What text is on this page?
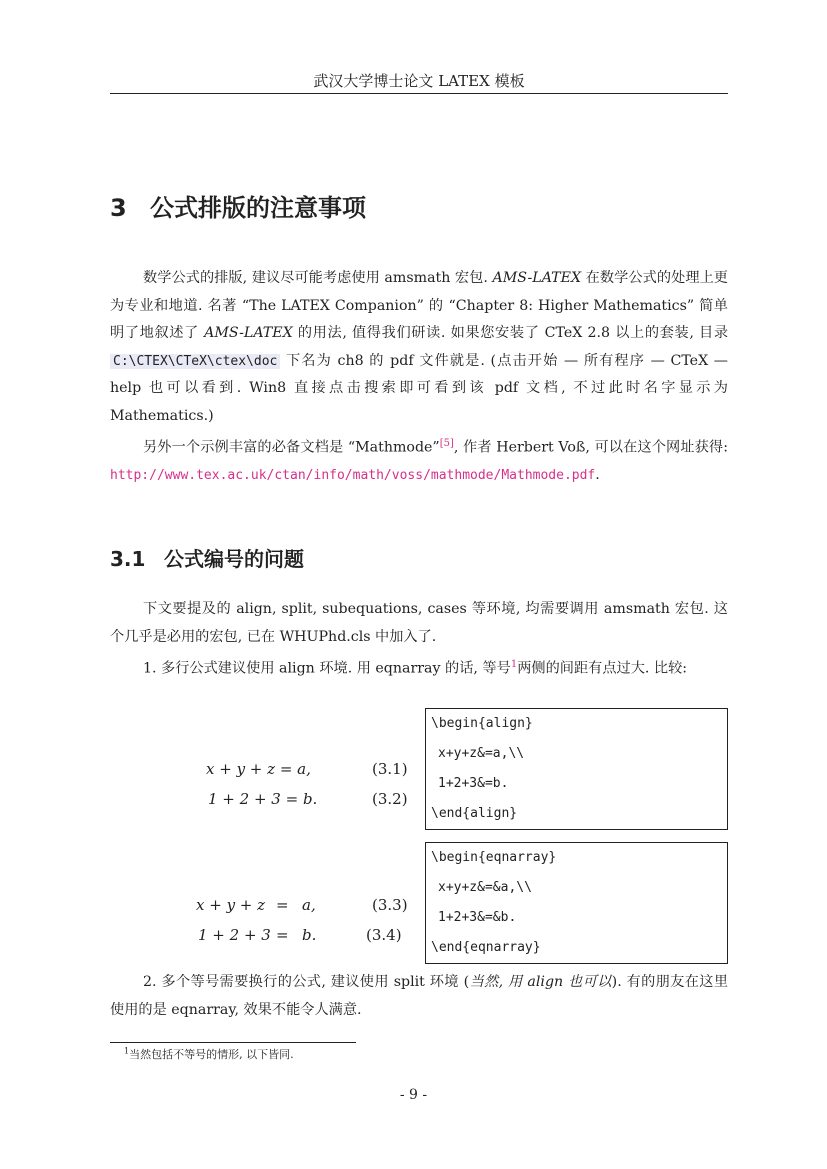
武汉大学博士论文 LATEX 模板
3 公式排版的注意事项

数学公式的排版, 建议尽可能考虑使用 amsmath 宏包. AMS-LATEX 在数学公式的处理上更为专业和地道. 名著 “The LATEX Companion” 的 “Chapter 8: Higher Mathematics” 简单明了地叙述了 AMS-LATEX 的用法, 值得我们研读. 如果您安装了 CTeX 2.8 以上的套装, 目录 C:\CTEX\CTeX\ctex\doc 下名为 ch8 的 pdf 文件就是. (点击开始 — 所有程序 — CTeX — help 也可以看到. Win8 直接点击搜索即可看到该 pdf 文档, 不过此时名字显示为 Mathematics.)

另外一个示例丰富的必备文档是 “Mathmode”[5], 作者 Herbert Voß, 可以在这个网址获得: http://www.tex.ac.uk/ctan/info/math/voss/mathmode/Mathmode.pdf.

3.1 公式编号的问题

下文要提及的 align, split, subequations, cases 等环境, 均需要调用 amsmath 宏包. 这个几乎是必用的宏包, 已在 WHUPhd.cls 中加入了.

1. 多行公式建议使用 align 环境. 用 eqnarray 的话, 等号$^1$两侧的间距有点过大. 比较:

x + y + z = a,	(3.1)
1 + 2 + 3 = b.	(3.2)
\begin{align}
x+y+z&=a,\\
1+2+3&=b.
\end{align}
x + y + z = a,	(3.3)
1 + 2 + 3 = b.	(3.4)
\begin{eqnarray}
x+y+z&=&a,\\
1+2+3&=&b.
\end{eqnarray}

2. 多个等号需要换行的公式, 建议使用 split 环境 (当然, 用 align 也可以). 有的朋友在这里使用的是 eqnarray, 效果不能令人满意.

$^1$当然包括不等号的情形, 以下皆同.
- 9 -
